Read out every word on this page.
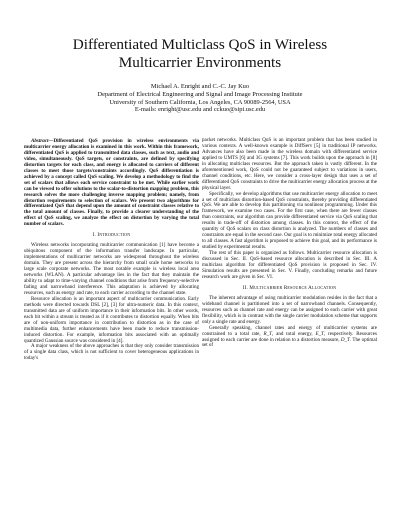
Differentiated Multiclass QoS in Wireless
Multicarrier Environments
Michael A. Enright and C.-C. Jay Kuo
Department of Electrical Engineering and Signal and Image Processing Institute
University of Southern California, Los Angeles, CA 90089-2564, USA
E-mails: enright@usc.edu and cckuo@sipi.usc.edu

Abstract—Differentiated QoS provision in wireless environments via multicarrier energy allocation is examined in this work. Within this framework, differentiated QoS is applied to transmitted data classes, such as text, audio and video, simultaneously. QoS targets, or constraints, are defined by specifying distortion targets for each class, and energy is allocated to carriers of different classes to meet those targets/constraints accordingly. QoS differentiation is achieved by a concept called QoS scaling. We develop a methodology to find the set of scalars that allows each service constraint to be met. While earlier work can be viewed to offer solutions to the scalar-to-distortion mapping problem, this research solves the more challenging inverse mapping problem; namely, from distortion requirements to selection of scalars. We present two algorithms for differentiated QoS that depend upon the amount of constraint classes relative to the total amount of classes. Finally, to provide a clearer understanding of the effect of QoS scaling, we analyze the effect on distortion by varying the total number of scalars.

I. Introduction

Wireless networks incorporating multicarrier communication [1] have become a ubiquitous component of the information transfer landscape. In particular, implementations of multicarrier networks are widespread throughout the wireless domain. They are present across the hierarchy from small scale home networks to large scale corporate networks. The most notable example is wireless local area networks (WLAN). A particular advantage lies in the fact that they maintain the ability to adapt to time-varying channel conditions that arise from frequency-selective fading and narrowband interference. This adaptation is achieved by allocating resources, such as energy and rate, to each carrier according to the channel state.

Resource allocation is an important aspect of multicarrier communication. Early methods were directed towards DSL [2], [3] for ultra-numeric data. In this context, transmitted data are of uniform importance in their information bits. In other words, each bit within a stream is treated as if it contributes to distortion equally. When bits are of non-uniform importance in contribution to distortion as in the case of multimedia data, further enhancements have been made to reduce transmission-induced distortion. For example, information bits associated with an optimally quantized Gaussian source was considered in [4].

A major weakness of the above approaches is that they only consider transmission of a single data class, which is not sufficient to cover heterogeneous applications in today's

packet networks. Multiclass QoS is an important problem that has been studied in various contexts. A well-known example is DiffServ [5] in traditional IP networks. Advances have also been made in the wireless domain with differentiated service applied to UMTS [6] and 3G systems [7]. This work builds upon the approach in [8] in allocating multiclass resources. But the approach taken is vastly different. In the aforementioned work, QoS could not be guaranteed subject to variations in users, channel conditions, etc. Here, we consider a cross-layer design that uses a set of differentiated QoS constraints to drive the multicarrier energy allocation process at the physical layer.

Specifically, we develop algorithms that use multicarrier energy allocation to meet a set of multiclass distortion-based QoS constraints, thereby providing differentiated QoS. We are able to develop this partitioning via nonlinear programming. Under this framework, we examine two cases. For the first case, when there are fewer classes than constraints, our algorithm can provide differentiated service via QoS scaling that results in trade-off of distortion among classes. In this context, the effect of the quantity of QoS scalars on class distortion is analyzed. The numbers of classes and constraints are equal in the second case. Our goal is to minimize total energy allocated to all classes. A fast algorithm is proposed to achieve this goal, and its performance is studied by experimental results.

The rest of this paper is organized as follows. Multicarrier resource allocation is discussed in Sec. II. QoS-based resource allocation is described in Sec. III. A multiclass algorithm for differentiated QoS provision is proposed in Sec. IV. Simulation results are presented in Sec. V. Finally, concluding remarks and future research work are given in Sec. VI.

II. Multicarrier Resource Allocation

The inherent advantage of using multicarrier modulation resides in the fact that a wideband channel is partitioned into a set of narrowband channels. Consequently, resources such as channel rate and energy can be assigned to each carrier with great flexibility, which is in contrast with the single carrier modulation scheme that supports only a single rate and energy.

Generally speaking, channel rates and energy of multicarrier systems are constrained to a total rate, R_T, and total energy, E_T, respectively. Resources assigned to each carrier are done in relation to a distortion measure, D_T. The optimal set of
